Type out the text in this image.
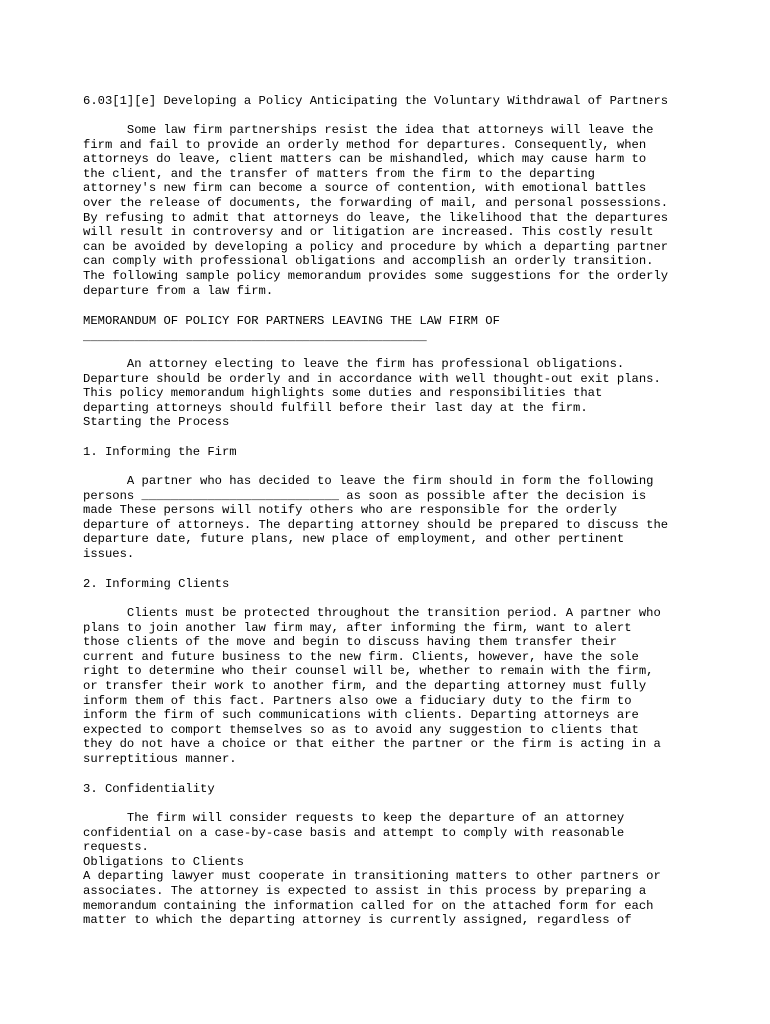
6.03[1][e] Developing a Policy Anticipating the Voluntary Withdrawal of Partners
Some law firm partnerships resist the idea that attorneys will leave the
firm and fail to provide an orderly method for departures. Consequently, when
attorneys do leave, client matters can be mishandled, which may cause harm to
the client, and the transfer of matters from the firm to the departing
attorney's new firm can become a source of contention, with emotional battles
over the release of documents, the forwarding of mail, and personal possessions.
By refusing to admit that attorneys do leave, the likelihood that the departures
will result in controversy and or litigation are increased. This costly result
can be avoided by developing a policy and procedure by which a departing partner
can comply with professional obligations and accomplish an orderly transition.
The following sample policy memorandum provides some suggestions for the orderly
departure from a law firm.
MEMORANDUM OF POLICY FOR PARTNERS LEAVING THE LAW FIRM OF
_______________________________________________
An attorney electing to leave the firm has professional obligations.
Departure should be orderly and in accordance with well thought-out exit plans.
This policy memorandum highlights some duties and responsibilities that
departing attorneys should fulfill before their last day at the firm.
Starting the Process
1. Informing the Firm
A partner who has decided to leave the firm should in form the following
persons ___________________________ as soon as possible after the decision is
made These persons will notify others who are responsible for the orderly
departure of attorneys. The departing attorney should be prepared to discuss the
departure date, future plans, new place of employment, and other pertinent
issues.
2. Informing Clients
Clients must be protected throughout the transition period. A partner who
plans to join another law firm may, after informing the firm, want to alert
those clients of the move and begin to discuss having them transfer their
current and future business to the new firm. Clients, however, have the sole
right to determine who their counsel will be, whether to remain with the firm,
or transfer their work to another firm, and the departing attorney must fully
inform them of this fact. Partners also owe a fiduciary duty to the firm to
inform the firm of such communications with clients. Departing attorneys are
expected to comport themselves so as to avoid any suggestion to clients that
they do not have a choice or that either the partner or the firm is acting in a
surreptitious manner.
3. Confidentiality
The firm will consider requests to keep the departure of an attorney
confidential on a case-by-case basis and attempt to comply with reasonable
requests.
Obligations to Clients
A departing lawyer must cooperate in transitioning matters to other partners or
associates. The attorney is expected to assist in this process by preparing a
memorandum containing the information called for on the attached form for each
matter to which the departing attorney is currently assigned, regardless of
